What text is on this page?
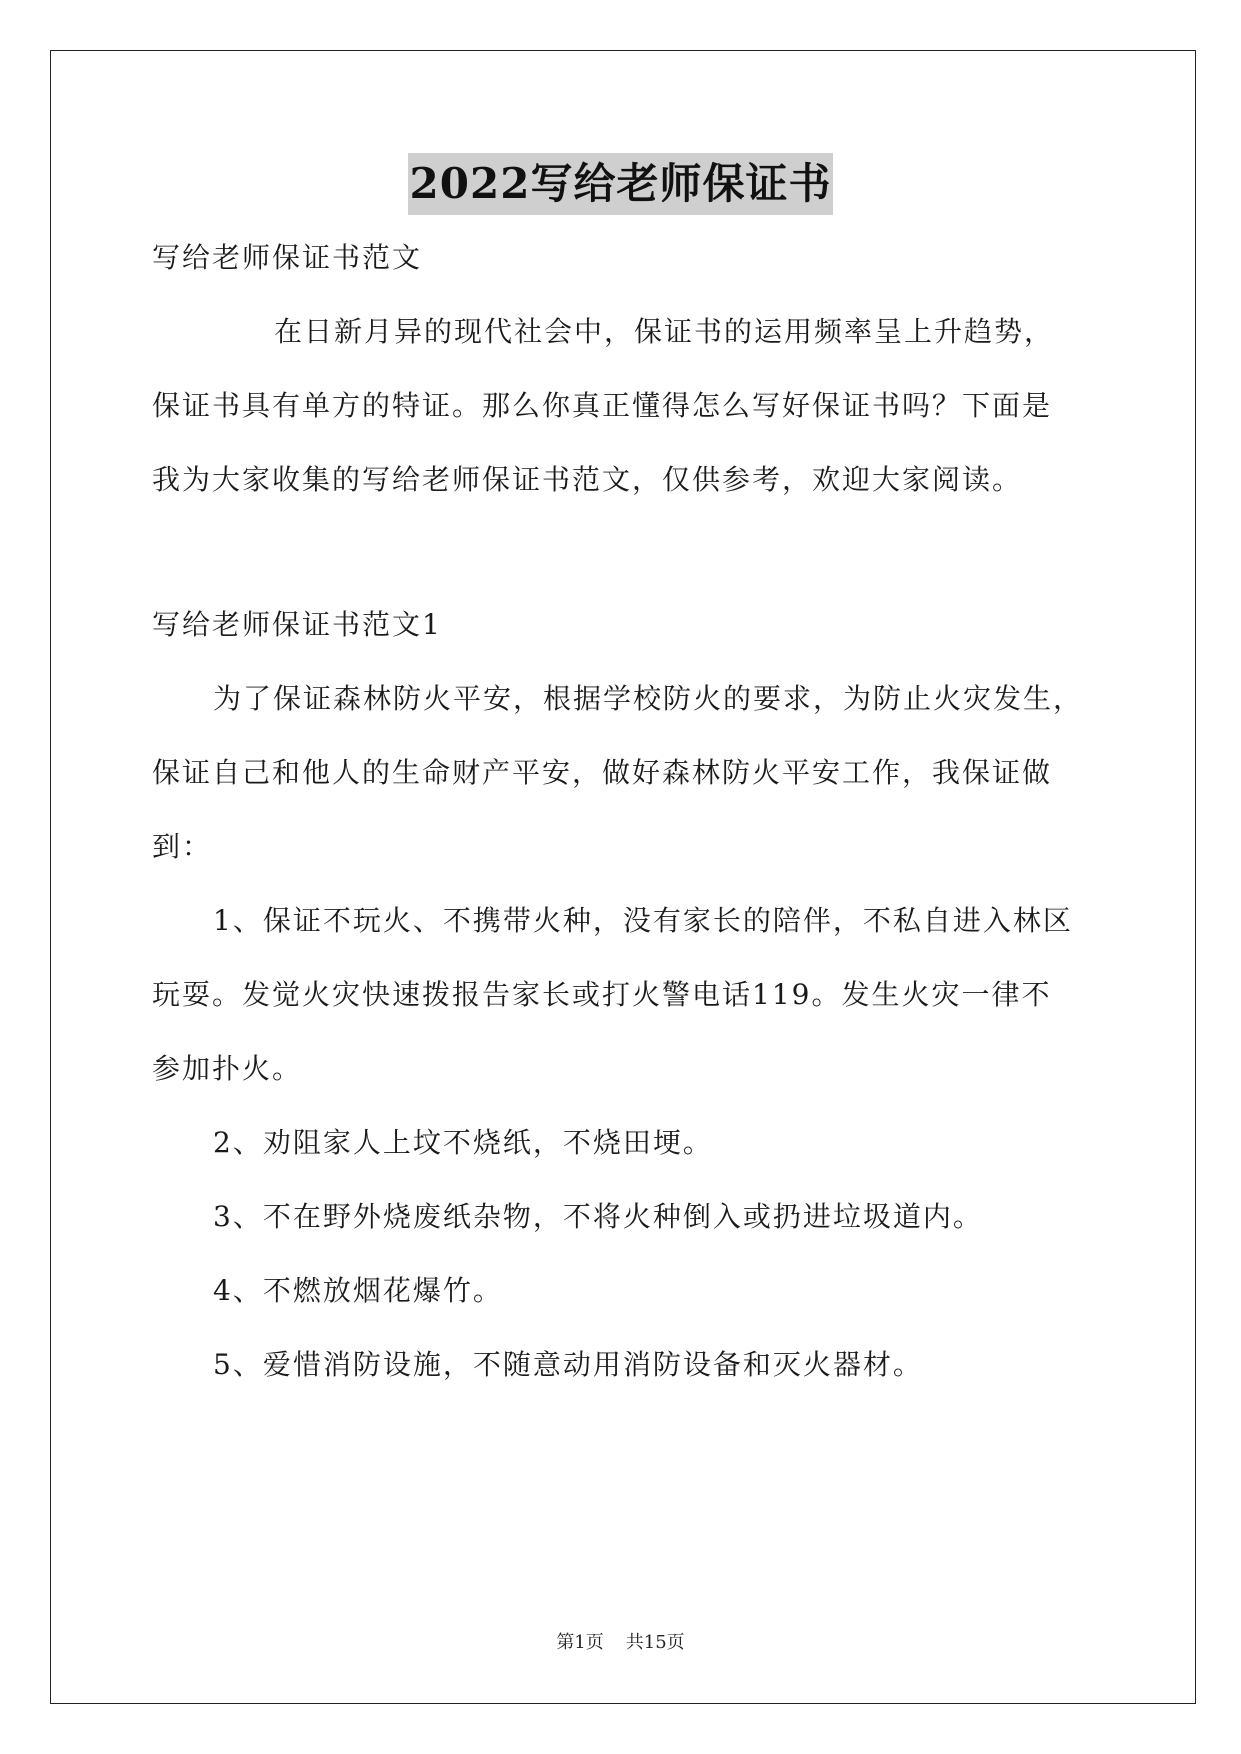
2022写给老师保证书
写给老师保证书范文
在日新月异的现代社会中，保证书的运用频率呈上升趋势，
保证书具有单方的特证。那么你真正懂得怎么写好保证书吗？下面是
我为大家收集的写给老师保证书范文，仅供参考，欢迎大家阅读。
写给老师保证书范文1
为了保证森林防火平安，根据学校防火的要求，为防止火灾发生，
保证自己和他人的生命财产平安，做好森林防火平安工作，我保证做
到：
1、保证不玩火、不携带火种，没有家长的陪伴，不私自进入林区
玩耍。发觉火灾快速拨报告家长或打火警电话119。发生火灾一律不
参加扑火。
2、劝阻家人上坟不烧纸，不烧田埂。
3、不在野外烧废纸杂物，不将火种倒入或扔进垃圾道内。
4、不燃放烟花爆竹。
5、爱惜消防设施，不随意动用消防设备和灭火器材。
第1页 共15页
